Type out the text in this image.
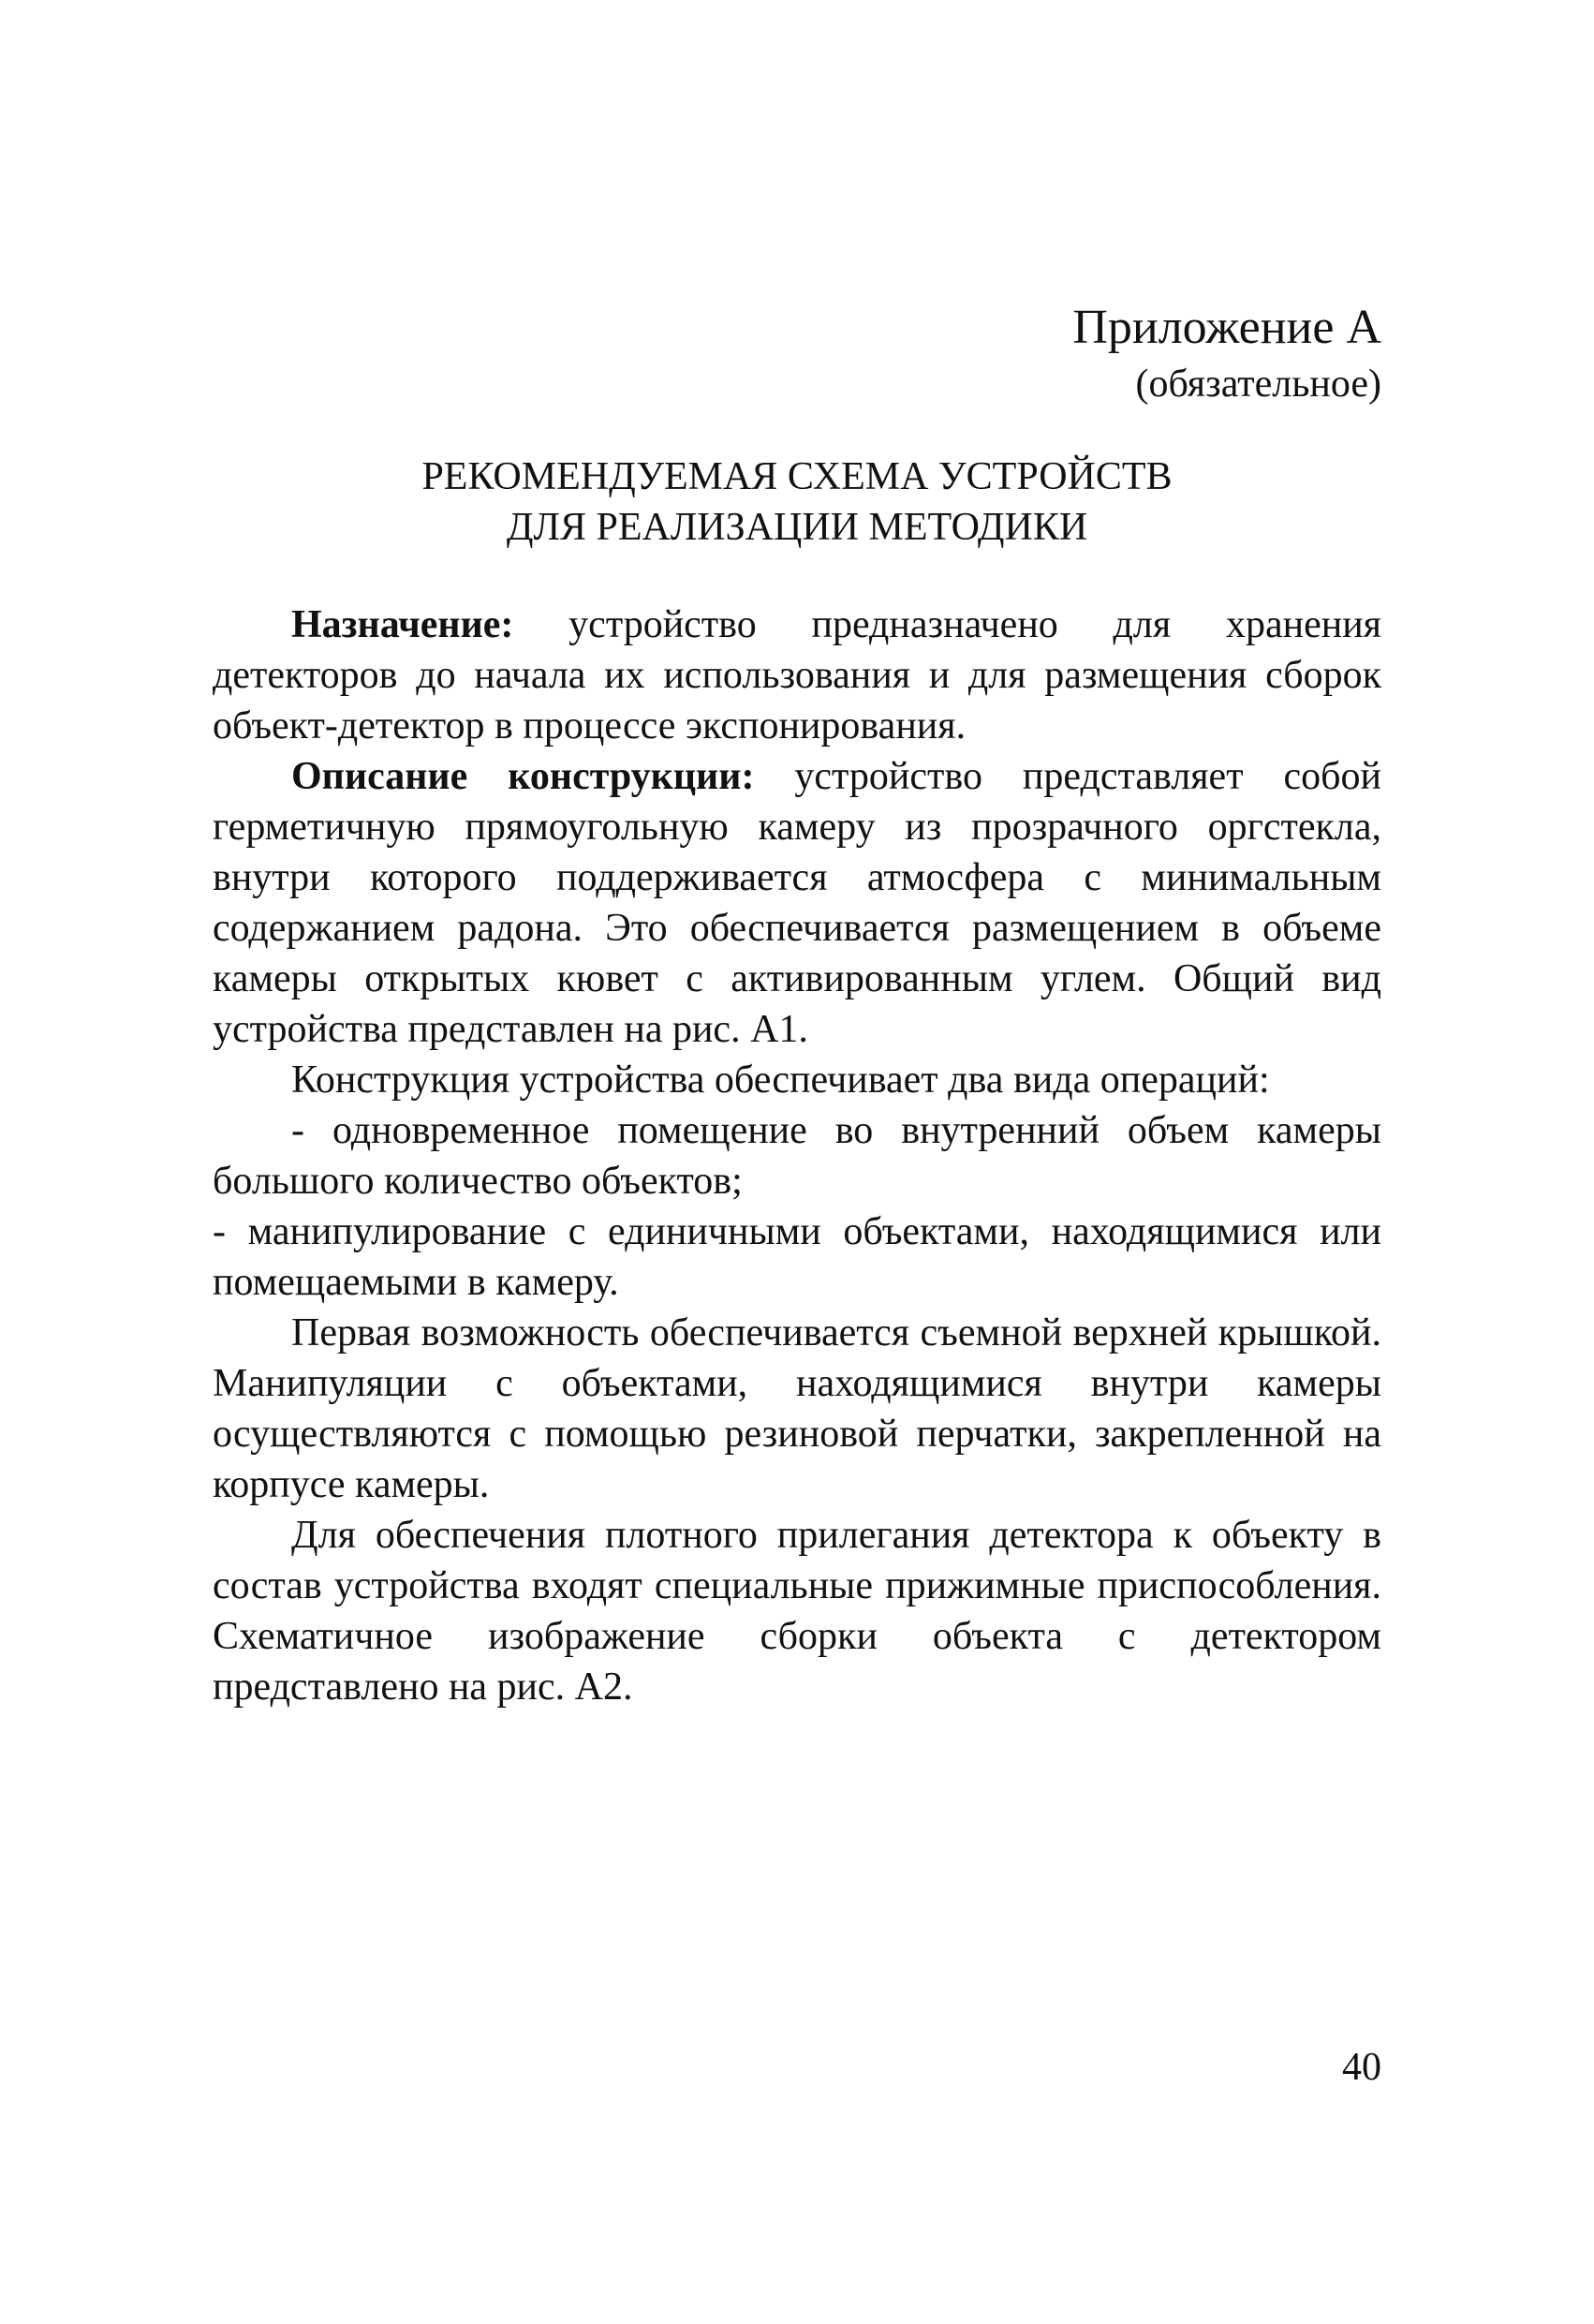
Приложение А
(обязательное)
РЕКОМЕНДУЕМАЯ СХЕМА УСТРОЙСТВ
ДЛЯ РЕАЛИЗАЦИИ МЕТОДИКИ

Назначение: устройство предназначено для хранения детекторов до начала их использования и для размещения сборок объект-детектор в процессе экспонирования.

Описание конструкции: устройство представляет собой герметичную прямоугольную камеру из прозрачного оргстекла, внутри которого поддерживается атмосфера с минимальным содержанием радона. Это обеспечивается размещением в объеме камеры открытых кювет с активированным углем. Общий вид устройства представлен на рис. А1.

Конструкция устройства обеспечивает два вида операций:

- одновременное помещение во внутренний объем камеры большого количество объектов;

- манипулирование с единичными объектами, находящимися или помещаемыми в камеру.

Первая возможность обеспечивается съемной верхней крышкой. Манипуляции с объектами, находящимися внутри камеры осуществляются с помощью резиновой перчатки, закрепленной на корпусе камеры.

Для обеспечения плотного прилегания детектора к объекту в состав устройства входят специальные прижимные приспособления. Схематичное изображение сборки объекта с детектором представлено на рис. А2.

40
